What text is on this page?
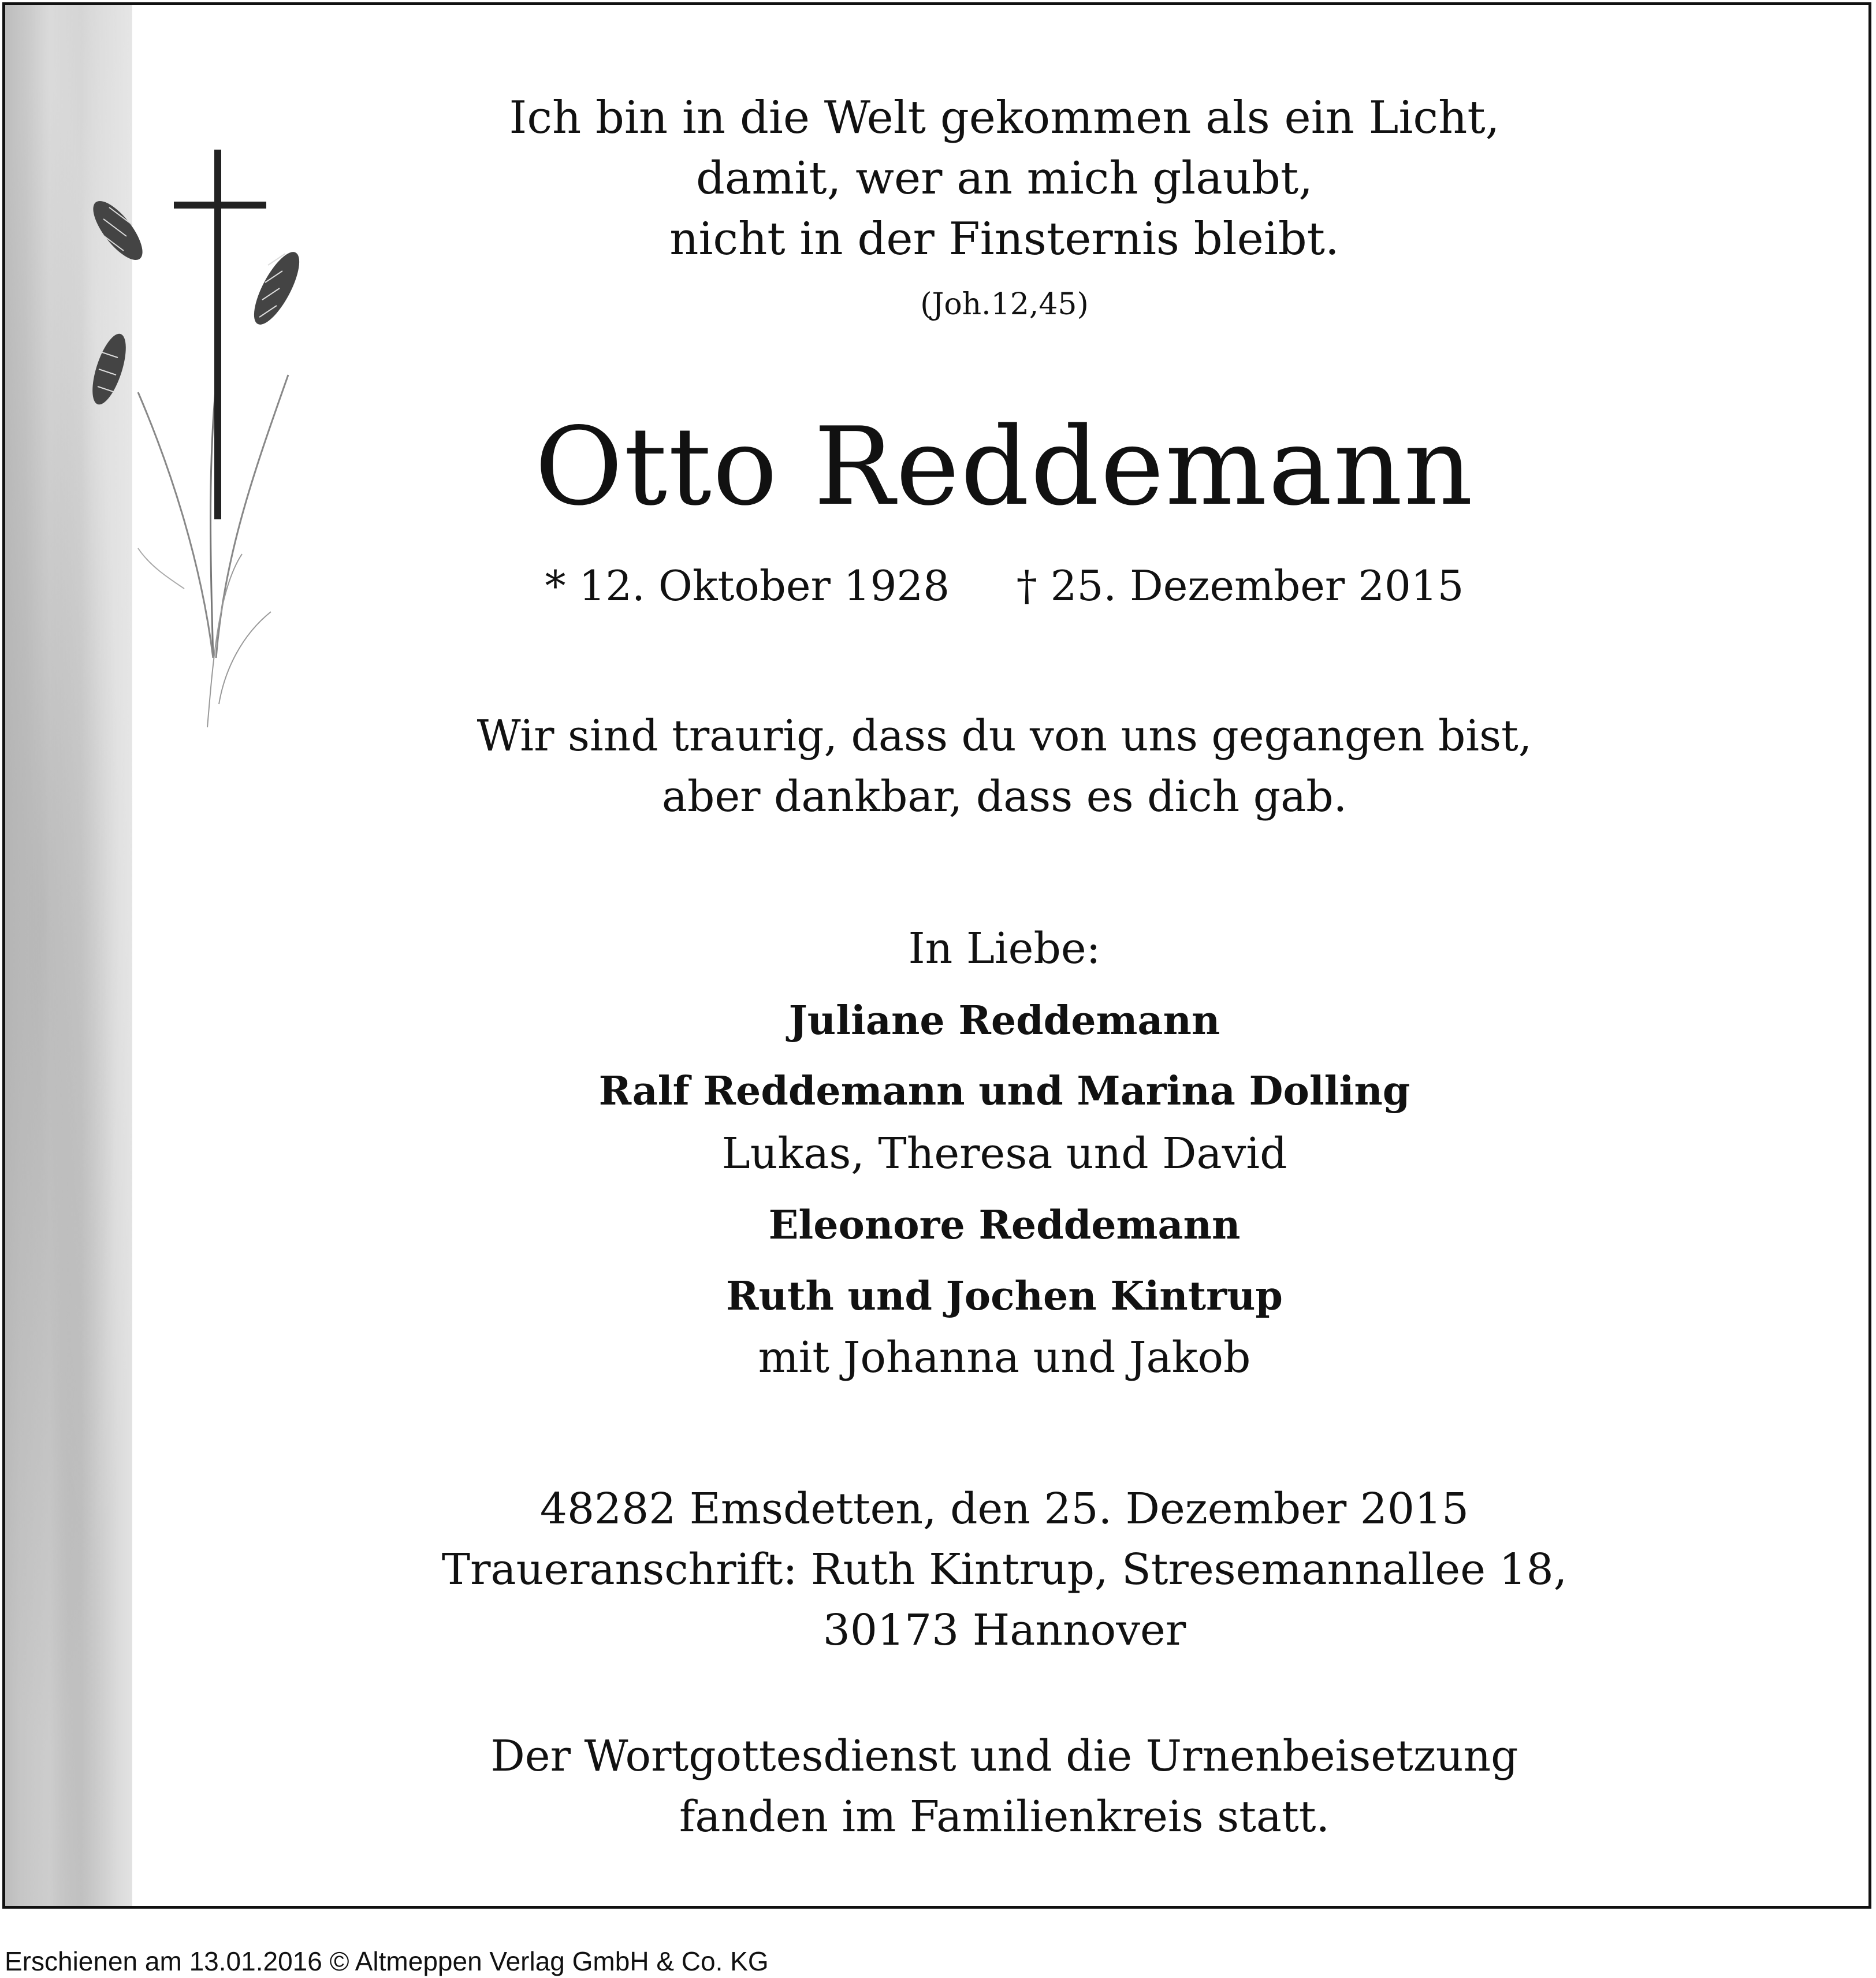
Ich bin in die Welt gekommen als ein Licht,
damit, wer an mich glaubt,
nicht in der Finsternis bleibt.
(Joh.12,45)
Otto Reddemann
* 12. Oktober 1928 † 25. Dezember 2015
Wir sind traurig, dass du von uns gegangen bist,
aber dankbar, dass es dich gab.
In Liebe:
Juliane Reddemann
Ralf Reddemann und Marina Dolling
Lukas, Theresa und David
Eleonore Reddemann
Ruth und Jochen Kintrup
mit Johanna und Jakob
48282 Emsdetten, den 25. Dezember 2015
Traueranschrift: Ruth Kintrup, Stresemannallee 18,
30173 Hannover
Der Wortgottesdienst und die Urnenbeisetzung
fanden im Familienkreis statt.
Erschienen am 13.01.2016 © Altmeppen Verlag GmbH & Co. KG
